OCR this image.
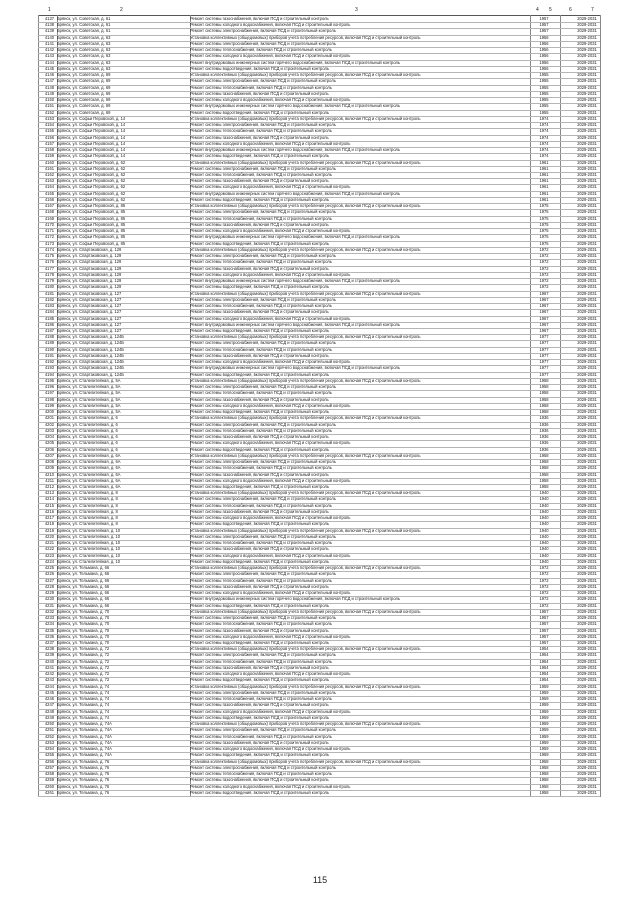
1	2	3	4 5	6	7
4137 Брянск, ул. Советская, д. 61	Ремонт системы газоснабжения, включая ПСД и строительный контроль	1957	2029-2031
4138 Брянск, ул. Советская, д. 61	Ремонт системы холодного водоснабжения, включая ПСД и строительный контроль	1957	2029-2031
4139 Брянск, ул. Советская, д. 61	Ремонт системы электроснабжения, включая ПСД и строительный контроль	1957	2029-2031
4140 Брянск, ул. Советская, д. 63	Установка коллективных (общедомовых) приборов учета потребления ресурсов, включая ПСД и строительный контроль	1956	2029-2031
4141 Брянск, ул. Советская, д. 63	Ремонт системы электроснабжения, включая ПСД и строительный контроль	1956	2029-2031
4142 Брянск, ул. Советская, д. 63	Ремонт системы теплоснабжения, включая ПСД и строительный контроль	1956	2029-2031
4143 Брянск, ул. Советская, д. 63	Ремонт системы холодного водоснабжения, включая ПСД и строительный контроль	1956	2029-2031
4144 Брянск, ул. Советская, д. 63	Ремонт внутридомовых инженерных систем горячего водоснабжения, включая ПСД и строительный контроль	1956	2029-2031
4145 Брянск, ул. Советская, д. 63	Ремонт системы водоотведения, включая ПСД и строительный контроль	1956	2029-2031
4146 Брянск, ул. Советская, д. 69	Установка коллективных (общедомовых) приборов учета потребления ресурсов, включая ПСД и строительный контроль	1955	2029-2031
4147 Брянск, ул. Советская, д. 69	Ремонт системы электроснабжения, включая ПСД и строительный контроль	1955	2029-2031
4148 Брянск, ул. Советская, д. 69	Ремонт системы теплоснабжения, включая ПСД и строительный контроль	1955	2029-2031
4149 Брянск, ул. Советская, д. 69	Ремонт системы газоснабжения, включая ПСД и строительный контроль	1955	2029-2031
4150 Брянск, ул. Советская, д. 69	Ремонт системы холодного водоснабжения, включая ПСД и строительный контроль	1955	2029-2031
4151 Брянск, ул. Советская, д. 69	Ремонт внутридомовых инженерных систем горячего водоснабжения, включая ПСД и строительный контроль	1955	2029-2031
4152 Брянск, ул. Советская, д. 69	Ремонт системы водоотведения, включая ПСД и строительный контроль	1955	2029-2031
4153 Брянск, ул. Софьи Перовской, д. 14	Установка коллективных (общедомовых) приборов учета потребления ресурсов, включая ПСД и строительный контроль	1974	2029-2031
4154 Брянск, ул. Софьи Перовской, д. 14	Ремонт системы электроснабжения, включая ПСД и строительный контроль	1974	2029-2031
4155 Брянск, ул. Софьи Перовской, д. 14	Ремонт системы теплоснабжения, включая ПСД и строительный контроль	1974	2029-2031
4156 Брянск, ул. Софьи Перовской, д. 14	Ремонт системы газоснабжения, включая ПСД и строительный контроль	1974	2029-2031
4157 Брянск, ул. Софьи Перовской, д. 14	Ремонт системы холодного водоснабжения, включая ПСД и строительный контроль	1974	2029-2031
4158 Брянск, ул. Софьи Перовской, д. 14	Ремонт внутридомовых инженерных систем горячего водоснабжения, включая ПСД и строительный контроль	1974	2029-2031
4159 Брянск, ул. Софьи Перовской, д. 14	Ремонт системы водоотведения, включая ПСД и строительный контроль	1974	2029-2031
4160 Брянск, ул. Софьи Перовской, д. 62	Установка коллективных (общедомовых) приборов учета потребления ресурсов, включая ПСД и строительный контроль	1961	2029-2031
4161 Брянск, ул. Софьи Перовской, д. 62	Ремонт системы электроснабжения, включая ПСД и строительный контроль	1961	2029-2031
4162 Брянск, ул. Софьи Перовской, д. 62	Ремонт системы теплоснабжения, включая ПСД и строительный контроль	1961	2029-2031
4163 Брянск, ул. Софьи Перовской, д. 62	Ремонт системы газоснабжения, включая ПСД и строительный контроль	1961	2029-2031
4164 Брянск, ул. Софьи Перовской, д. 62	Ремонт системы холодного водоснабжения, включая ПСД и строительный контроль	1961	2029-2031
4165 Брянск, ул. Софьи Перовской, д. 62	Ремонт внутридомовых инженерных систем горячего водоснабжения, включая ПСД и строительный контроль	1961	2029-2031
4166 Брянск, ул. Софьи Перовской, д. 62	Ремонт системы водоотведения, включая ПСД и строительный контроль	1961	2029-2031
4167 Брянск, ул. Софьи Перовской, д. 85	Установка коллективных (общедомовых) приборов учета потребления ресурсов, включая ПСД и строительный контроль	1975	2029-2031
4168 Брянск, ул. Софьи Перовской, д. 85	Ремонт системы электроснабжения, включая ПСД и строительный контроль	1975	2029-2031
4169 Брянск, ул. Софьи Перовской, д. 85	Ремонт системы теплоснабжения, включая ПСД и строительный контроль	1975	2029-2031
4170 Брянск, ул. Софьи Перовской, д. 85	Ремонт системы газоснабжения, включая ПСД и строительный контроль	1975	2029-2031
4171 Брянск, ул. Софьи Перовской, д. 85	Ремонт системы холодного водоснабжения, включая ПСД и строительный контроль	1975	2029-2031
4172 Брянск, ул. Софьи Перовской, д. 85	Ремонт внутридомовых инженерных систем горячего водоснабжения, включая ПСД и строительный контроль	1975	2029-2031
4173 Брянск, ул. Софьи Перовской, д. 85	Ремонт системы водоотведения, включая ПСД и строительный контроль	1975	2029-2031
4174 Брянск, ул. Спартаковская, д. 129	Установка коллективных (общедомовых) приборов учета потребления ресурсов, включая ПСД и строительный контроль	1972	2029-2031
4175 Брянск, ул. Спартаковская, д. 129	Ремонт системы электроснабжения, включая ПСД и строительный контроль	1972	2029-2031
4176 Брянск, ул. Спартаковская, д. 129	Ремонт системы теплоснабжения, включая ПСД и строительный контроль	1972	2029-2031
4177 Брянск, ул. Спартаковская, д. 129	Ремонт системы газоснабжения, включая ПСД и строительный контроль	1972	2029-2031
4178 Брянск, ул. Спартаковская, д. 129	Ремонт системы холодного водоснабжения, включая ПСД и строительный контроль	1972	2029-2031
4179 Брянск, ул. Спартаковская, д. 129	Ремонт внутридомовых инженерных систем горячего водоснабжения, включая ПСД и строительный контроль	1972	2029-2031
4180 Брянск, ул. Спартаковская, д. 129	Ремонт системы водоотведения, включая ПСД и строительный контроль	1972	2029-2031
4181 Брянск, ул. Спартаковская, д. 127	Установка коллективных (общедомовых) приборов учета потребления ресурсов, включая ПСД и строительный контроль	1967	2029-2031
4182 Брянск, ул. Спартаковская, д. 127	Ремонт системы электроснабжения, включая ПСД и строительный контроль	1967	2029-2031
4183 Брянск, ул. Спартаковская, д. 127	Ремонт системы теплоснабжения, включая ПСД и строительный контроль	1967	2029-2031
4184 Брянск, ул. Спартаковская, д. 127	Ремонт системы газоснабжения, включая ПСД и строительный контроль	1967	2029-2031
4185 Брянск, ул. Спартаковская, д. 127	Ремонт системы холодного водоснабжения, включая ПСД и строительный контроль	1967	2029-2031
4186 Брянск, ул. Спартаковская, д. 127	Ремонт внутридомовых инженерных систем горячего водоснабжения, включая ПСД и строительный контроль	1967	2029-2031
4187 Брянск, ул. Спартаковская, д. 127	Ремонт системы водоотведения, включая ПСД и строительный контроль	1967	2029-2031
4188 Брянск, ул. Спартаковская, д. 124Б	Установка коллективных (общедомовых) приборов учета потребления ресурсов, включая ПСД и строительный контроль	1977	2029-2031
4189 Брянск, ул. Спартаковская, д. 124Б	Ремонт системы электроснабжения, включая ПСД и строительный контроль	1977	2029-2031
4190 Брянск, ул. Спартаковская, д. 124Б	Ремонт системы теплоснабжения, включая ПСД и строительный контроль	1977	2029-2031
4191 Брянск, ул. Спартаковская, д. 124Б	Ремонт системы газоснабжения, включая ПСД и строительный контроль	1977	2029-2031
4192 Брянск, ул. Спартаковская, д. 124Б	Ремонт системы холодного водоснабжения, включая ПСД и строительный контроль	1977	2029-2031
4193 Брянск, ул. Спартаковская, д. 124Б	Ремонт внутридомовых инженерных систем горячего водоснабжения, включая ПСД и строительный контроль	1977	2029-2031
4194 Брянск, ул. Спартаковская, д. 124Б	Ремонт системы водоотведения, включая ПСД и строительный контроль	1977	2029-2031
4195 Брянск, ул. Сталелитейная, д. 5А	Установка коллективных (общедомовых) приборов учета потребления ресурсов, включая ПСД и строительный контроль	1958	2029-2031
4196 Брянск, ул. Сталелитейная, д. 5А	Ремонт системы электроснабжения, включая ПСД и строительный контроль	1958	2029-2031
4197 Брянск, ул. Сталелитейная, д. 5А	Ремонт системы теплоснабжения, включая ПСД и строительный контроль	1958	2029-2031
4198 Брянск, ул. Сталелитейная, д. 5А	Ремонт системы газоснабжения, включая ПСД и строительный контроль	1958	2029-2031
4199 Брянск, ул. Сталелитейная, д. 5А	Ремонт системы холодного водоснабжения, включая ПСД и строительный контроль	1958	2029-2031
4200 Брянск, ул. Сталелитейная, д. 5А	Ремонт системы водоотведения, включая ПСД и строительный контроль	1958	2029-2031
4201 Брянск, ул. Сталелитейная, д. 6	Установка коллективных (общедомовых) приборов учета потребления ресурсов, включая ПСД и строительный контроль	1936	2029-2031
4202 Брянск, ул. Сталелитейная, д. 6	Ремонт системы электроснабжения, включая ПСД и строительный контроль	1936	2029-2031
4203 Брянск, ул. Сталелитейная, д. 6	Ремонт системы теплоснабжения, включая ПСД и строительный контроль	1936	2029-2031
4204 Брянск, ул. Сталелитейная, д. 6	Ремонт системы газоснабжения, включая ПСД и строительный контроль	1936	2029-2031
4205 Брянск, ул. Сталелитейная, д. 6	Ремонт системы холодного водоснабжения, включая ПСД и строительный контроль	1936	2029-2031
4206 Брянск, ул. Сталелитейная, д. 6	Ремонт системы водоотведения, включая ПСД и строительный контроль	1936	2029-2031
4207 Брянск, ул. Сталелитейная, д. 6А	Установка коллективных (общедомовых) приборов учета потребления ресурсов, включая ПСД и строительный контроль	1958	2029-2031
4208 Брянск, ул. Сталелитейная, д. 6А	Ремонт системы электроснабжения, включая ПСД и строительный контроль	1958	2029-2031
4209 Брянск, ул. Сталелитейная, д. 6А	Ремонт системы теплоснабжения, включая ПСД и строительный контроль	1958	2029-2031
4210 Брянск, ул. Сталелитейная, д. 6А	Ремонт системы газоснабжения, включая ПСД и строительный контроль	1958	2029-2031
4211 Брянск, ул. Сталелитейная, д. 6А	Ремонт системы холодного водоснабжения, включая ПСД и строительный контроль	1958	2029-2031
4212 Брянск, ул. Сталелитейная, д. 6А	Ремонт системы водоотведения, включая ПСД и строительный контроль	1958	2029-2031
4213 Брянск, ул. Сталелитейная, д. 8	Установка коллективных (общедомовых) приборов учета потребления ресурсов, включая ПСД и строительный контроль	1940	2029-2031
4214 Брянск, ул. Сталелитейная, д. 8	Ремонт системы электроснабжения, включая ПСД и строительный контроль	1940	2029-2031
4215 Брянск, ул. Сталелитейная, д. 8	Ремонт системы теплоснабжения, включая ПСД и строительный контроль	1940	2029-2031
4216 Брянск, ул. Сталелитейная, д. 8	Ремонт системы газоснабжения, включая ПСД и строительный контроль	1940	2029-2031
4217 Брянск, ул. Сталелитейная, д. 8	Ремонт системы холодного водоснабжения, включая ПСД и строительный контроль	1940	2029-2031
4218 Брянск, ул. Сталелитейная, д. 8	Ремонт системы водоотведения, включая ПСД и строительный контроль	1940	2029-2031
4219 Брянск, ул. Сталелитейная, д. 10	Установка коллективных (общедомовых) приборов учета потребления ресурсов, включая ПСД и строительный контроль	1940	2029-2031
4220 Брянск, ул. Сталелитейная, д. 10	Ремонт системы электроснабжения, включая ПСД и строительный контроль	1940	2029-2031
4221 Брянск, ул. Сталелитейная, д. 10	Ремонт системы теплоснабжения, включая ПСД и строительный контроль	1940	2029-2031
4222 Брянск, ул. Сталелитейная, д. 10	Ремонт системы газоснабжения, включая ПСД и строительный контроль	1940	2029-2031
4223 Брянск, ул. Сталелитейная, д. 10	Ремонт системы холодного водоснабжения, включая ПСД и строительный контроль	1940	2029-2031
4224 Брянск, ул. Сталелитейная, д. 10	Ремонт системы водоотведения, включая ПСД и строительный контроль	1940	2029-2031
4225 Брянск, ул. Тельмана, д. 66	Установка коллективных (общедомовых) приборов учета потребления ресурсов, включая ПСД и строительный контроль	1972	2029-2031
4226 Брянск, ул. Тельмана, д. 66	Ремонт системы электроснабжения, включая ПСД и строительный контроль	1972	2029-2031
4227 Брянск, ул. Тельмана, д. 66	Ремонт системы теплоснабжения, включая ПСД и строительный контроль	1972	2029-2031
4228 Брянск, ул. Тельмана, д. 66	Ремонт системы газоснабжения, включая ПСД и строительный контроль	1972	2029-2031
4229 Брянск, ул. Тельмана, д. 66	Ремонт системы холодного водоснабжения, включая ПСД и строительный контроль	1972	2029-2031
4230 Брянск, ул. Тельмана, д. 66	Ремонт внутридомовых инженерных систем горячего водоснабжения, включая ПСД и строительный контроль	1972	2029-2031
4231 Брянск, ул. Тельмана, д. 66	Ремонт системы водоотведения, включая ПСД и строительный контроль	1972	2029-2031
4232 Брянск, ул. Тельмана, д. 70	Установка коллективных (общедомовых) приборов учета потребления ресурсов, включая ПСД и строительный контроль	1957	2029-2031
4233 Брянск, ул. Тельмана, д. 70	Ремонт системы электроснабжения, включая ПСД и строительный контроль	1957	2029-2031
4234 Брянск, ул. Тельмана, д. 70	Ремонт системы теплоснабжения, включая ПСД и строительный контроль	1957	2029-2031
4235 Брянск, ул. Тельмана, д. 70	Ремонт системы газоснабжения, включая ПСД и строительный контроль	1957	2029-2031
4236 Брянск, ул. Тельмана, д. 70	Ремонт системы холодного водоснабжения, включая ПСД и строительный контроль	1957	2029-2031
4237 Брянск, ул. Тельмана, д. 70	Ремонт системы водоотведения, включая ПСД и строительный контроль	1957	2029-2031
4238 Брянск, ул. Тельмана, д. 72	Установка коллективных (общедомовых) приборов учета потребления ресурсов, включая ПСД и строительный контроль	1954	2029-2031
4239 Брянск, ул. Тельмана, д. 72	Ремонт системы электроснабжения, включая ПСД и строительный контроль	1954	2029-2031
4240 Брянск, ул. Тельмана, д. 72	Ремонт системы теплоснабжения, включая ПСД и строительный контроль	1954	2029-2031
4241 Брянск, ул. Тельмана, д. 72	Ремонт системы газоснабжения, включая ПСД и строительный контроль	1954	2029-2031
4242 Брянск, ул. Тельмана, д. 72	Ремонт системы холодного водоснабжения, включая ПСД и строительный контроль	1954	2029-2031
4243 Брянск, ул. Тельмана, д. 72	Ремонт системы водоотведения, включая ПСД и строительный контроль	1954	2029-2031
4244 Брянск, ул. Тельмана, д. 74	Установка коллективных (общедомовых) приборов учета потребления ресурсов, включая ПСД и строительный контроль	1959	2029-2031
4245 Брянск, ул. Тельмана, д. 74	Ремонт системы электроснабжения, включая ПСД и строительный контроль	1959	2029-2031
4246 Брянск, ул. Тельмана, д. 74	Ремонт системы теплоснабжения, включая ПСД и строительный контроль	1959	2029-2031
4247 Брянск, ул. Тельмана, д. 74	Ремонт системы газоснабжения, включая ПСД и строительный контроль	1959	2029-2031
4248 Брянск, ул. Тельмана, д. 74	Ремонт системы холодного водоснабжения, включая ПСД и строительный контроль	1959	2029-2031
4249 Брянск, ул. Тельмана, д. 74	Ремонт системы водоотведения, включая ПСД и строительный контроль	1959	2029-2031
4250 Брянск, ул. Тельмана, д. 74А	Установка коллективных (общедомовых) приборов учета потребления ресурсов, включая ПСД и строительный контроль	1959	2029-2031
4251 Брянск, ул. Тельмана, д. 74А	Ремонт системы электроснабжения, включая ПСД и строительный контроль	1959	2029-2031
4252 Брянск, ул. Тельмана, д. 74А	Ремонт системы теплоснабжения, включая ПСД и строительный контроль	1959	2029-2031
4253 Брянск, ул. Тельмана, д. 74А	Ремонт системы газоснабжения, включая ПСД и строительный контроль	1959	2029-2031
4254 Брянск, ул. Тельмана, д. 74А	Ремонт системы холодного водоснабжения, включая ПСД и строительный контроль	1959	2029-2031
4255 Брянск, ул. Тельмана, д. 74А	Ремонт системы водоотведения, включая ПСД и строительный контроль	1959	2029-2031
4256 Брянск, ул. Тельмана, д. 76	Установка коллективных (общедомовых) приборов учета потребления ресурсов, включая ПСД и строительный контроль	1958	2029-2031
4257 Брянск, ул. Тельмана, д. 76	Ремонт системы электроснабжения, включая ПСД и строительный контроль	1958	2029-2031
4258 Брянск, ул. Тельмана, д. 76	Ремонт системы теплоснабжения, включая ПСД и строительный контроль	1958	2029-2031
4259 Брянск, ул. Тельмана, д. 76	Ремонт системы газоснабжения, включая ПСД и строительный контроль	1958	2029-2031
4260 Брянск, ул. Тельмана, д. 76	Ремонт системы холодного водоснабжения, включая ПСД и строительный контроль	1958	2029-2031
4261 Брянск, ул. Тельмана, д. 76	Ремонт системы водоотведения, включая ПСД и строительный контроль	1958	2029-2031
115
